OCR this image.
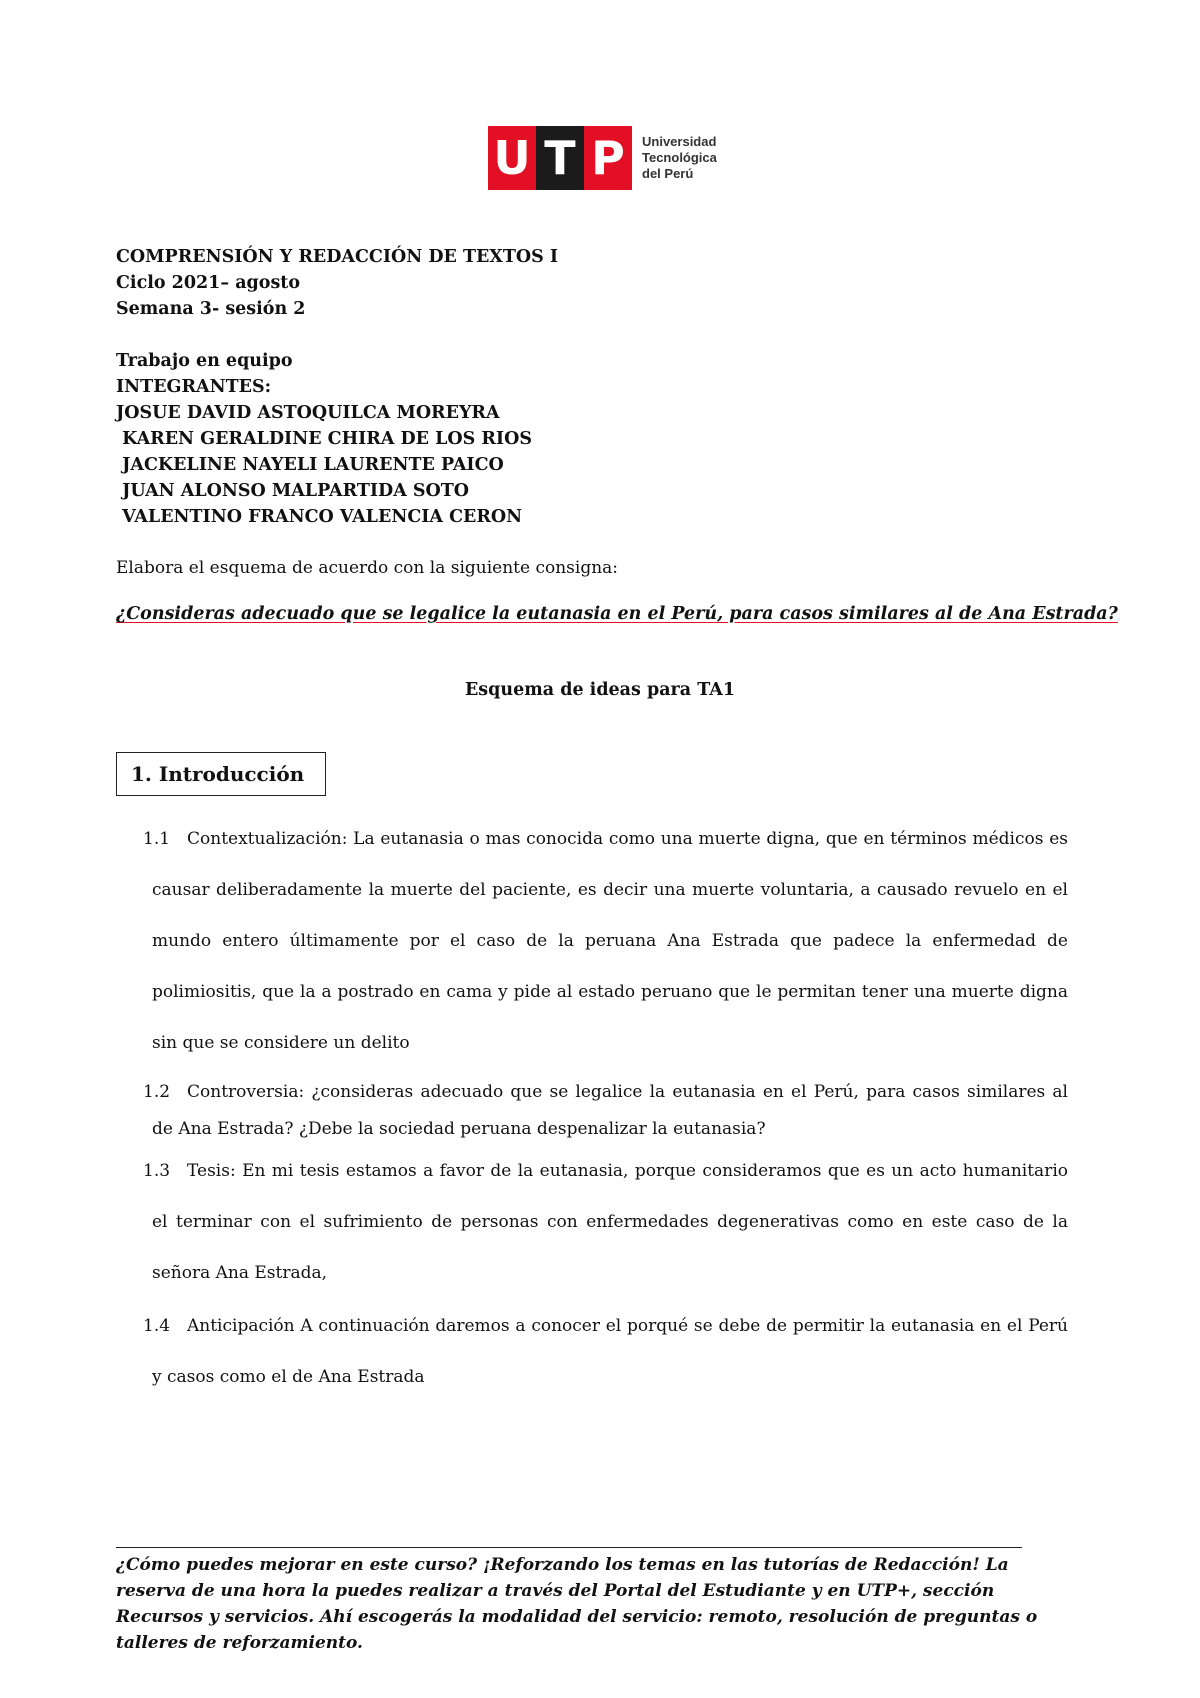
U T P	Universidad
Tecnológica
del Perú
COMPRENSIÓN Y REDACCIÓN DE TEXTOS I
Ciclo 2021– agosto
Semana 3- sesión 2
Trabajo en equipo
INTEGRANTES:
JOSUE DAVID ASTOQUILCA MOREYRA
KAREN GERALDINE CHIRA DE LOS RIOS
JACKELINE NAYELI LAURENTE PAICO
JUAN ALONSO MALPARTIDA SOTO
VALENTINO FRANCO VALENCIA CERON
Elabora el esquema de acuerdo con la siguiente consigna:
¿Consideras adecuado que se legalice la eutanasia en el Perú, para casos similares al de Ana Estrada?
Esquema de ideas para TA1
1. Introducción
1.1 Contextualización: La eutanasia o mas conocida como una muerte digna, que en términos médicos es causar deliberadamente la muerte del paciente, es decir una muerte voluntaria, a causado revuelo en el mundo entero últimamente por el caso de la peruana Ana Estrada que padece la enfermedad de polimiositis, que la a postrado en cama y pide al estado peruano que le permitan tener una muerte digna sin que se considere un delito
1.2 Controversia: ¿consideras adecuado que se legalice la eutanasia en el Perú, para casos similares al de Ana Estrada? ¿Debe la sociedad peruana despenalizar la eutanasia?
1.3 Tesis: En mi tesis estamos a favor de la eutanasia, porque consideramos que es un acto humanitario el terminar con el sufrimiento de personas con enfermedades degenerativas como en este caso de la señora Ana Estrada,
1.4 Anticipación A continuación daremos a conocer el porqué se debe de permitir la eutanasia en el Perú y casos como el de Ana Estrada
¿Cómo puedes mejorar en este curso? ¡Reforzando los temas en las tutorías de Redacción! La reserva de una hora la puedes realizar a través del Portal del Estudiante y en UTP+, sección Recursos y servicios. Ahí escogerás la modalidad del servicio: remoto, resolución de preguntas o talleres de reforzamiento.
